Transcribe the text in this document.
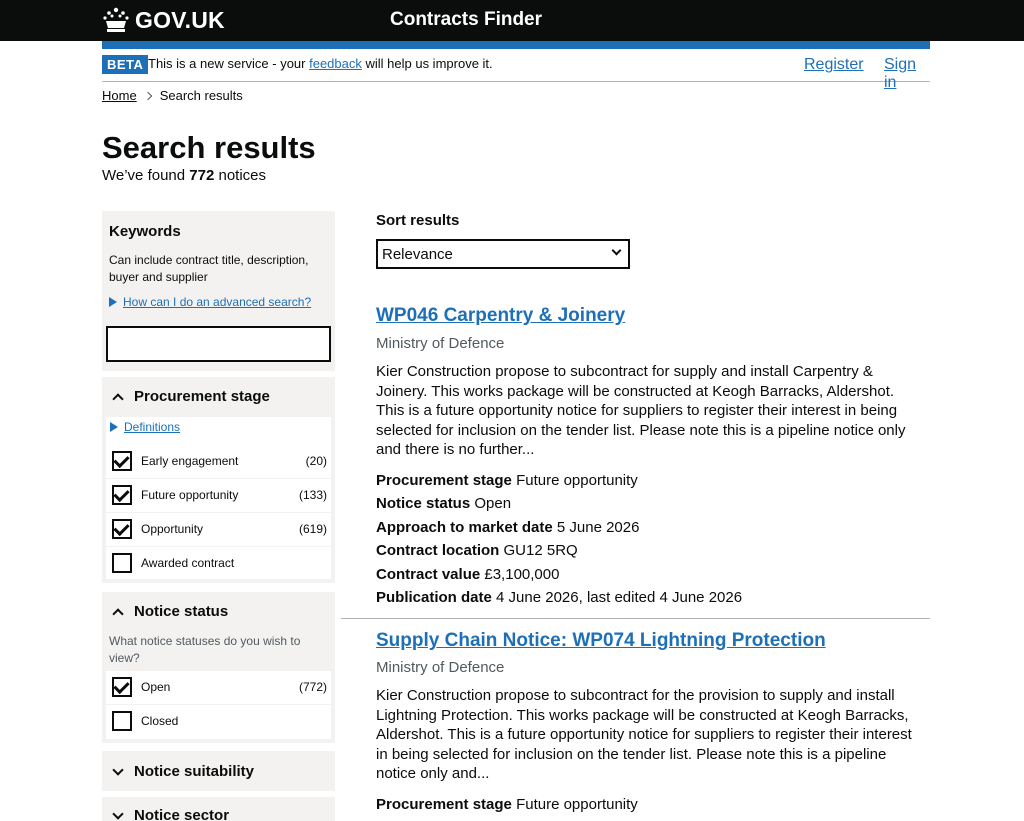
GOV.UK	Contracts Finder
BETA This is a new service - your feedback will help us improve it.	Register Sign in
Home Search results
Search results
We’ve found 772 notices
Keywords
Can include contract title, description, buyer and supplier
How can I do an advanced search?
Procurement stage
Definitions
Early engagement	(20)
Future opportunity	(133)
Opportunity	(619)
Awarded contract
Notice status
What notice statuses do you wish to view?
Open	(772)
Closed
Notice suitability
Notice sector
Sort results
Relevance
WP046 Carpentry & Joinery
Ministry of Defence
Kier Construction propose to subcontract for supply and install Carpentry & Joinery. This works package will be constructed at Keogh Barracks, Aldershot. This is a future opportunity notice for suppliers to register their interest in being selected for inclusion on the tender list. Please note this is a pipeline notice only and there is no further...
Procurement stage Future opportunity
Notice status Open
Approach to market date 5 June 2026
Contract location GU12 5RQ
Contract value £3,100,000
Publication date 4 June 2026, last edited 4 June 2026
Supply Chain Notice: WP074 Lightning Protection
Ministry of Defence
Kier Construction propose to subcontract for the provision to supply and install Lightning Protection. This works package will be constructed at Keogh Barracks, Aldershot. This is a future opportunity notice for suppliers to register their interest in being selected for inclusion on the tender list. Please note this is a pipeline notice only and...
Procurement stage Future opportunity
